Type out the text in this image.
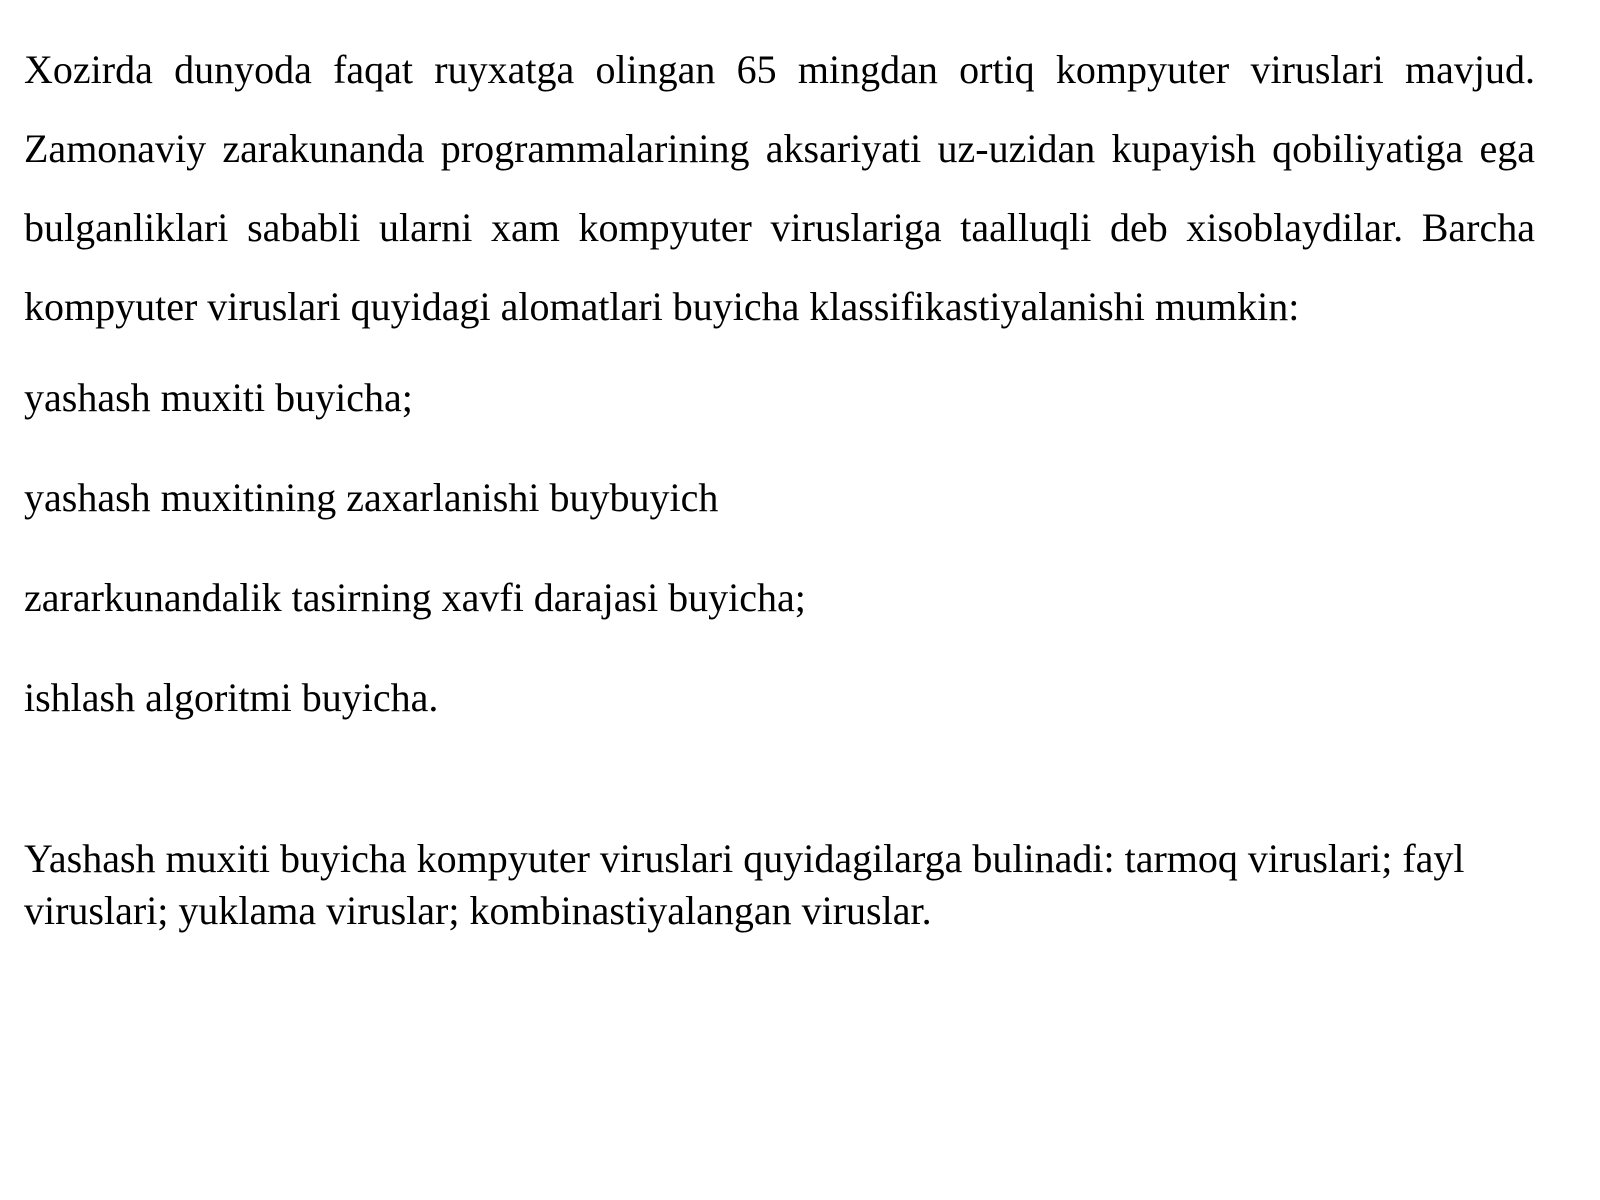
Xozirda dunyoda faqat ruyxatga olingan 65 mingdan ortiq kompyuter viruslari mavjud. Zamonaviy zarakunanda programmalarining aksariyati uz-uzidan kupayish qobiliyatiga ega bulganliklari sababli ularni xam kompyuter viruslariga taalluqli deb xisoblaydilar. Barcha kompyuter viruslari quyidagi alomatlari buyicha klassifikastiyalanishi mumkin:

yashash muxiti buyicha;
yashash muxitining zaxarlanishi buybuyich
zararkunandalik tasirning xavfi darajasi buyicha;
ishlash algoritmi buyicha.

Yashash muxiti buyicha kompyuter viruslari quyidagilarga bulinadi: tarmoq viruslari; fayl viruslari; yuklama viruslar; kombinastiyalangan viruslar.
